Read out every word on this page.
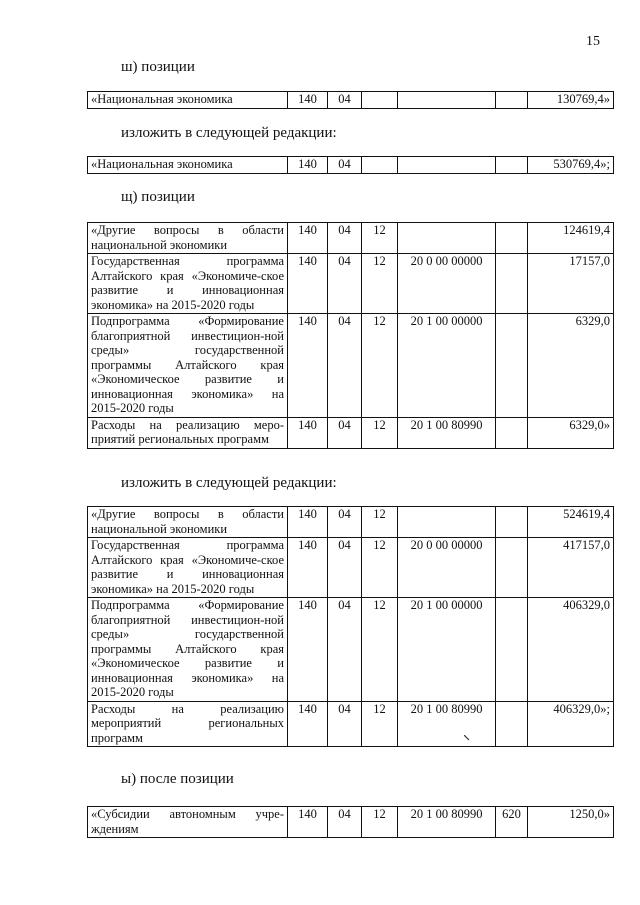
15
ш) позиции
«Национальная экономика	140	04				130769,4»
изложить в следующей редакции:
«Национальная экономика	140	04				530769,4»;
щ) позиции
«Другие вопросы в области национальной экономики	140	04	12			124619,4
Государственная программа Алтайского края «Экономиче-ское развитие и инновационная экономика» на 2015-2020 годы	140	04	12	20 0 00 00000		17157,0
Подпрограмма «Формирование благоприятной инвестицион-ной среды» государственной программы Алтайского края «Экономическое развитие и инновационная экономика» на 2015-2020 годы	140	04	12	20 1 00 00000		6329,0
Расходы на реализацию меро-приятий региональных программ	140	04	12	20 1 00 80990		6329,0»
изложить в следующей редакции:
«Другие вопросы в области национальной экономики	140	04	12			524619,4
Государственная программа Алтайского края «Экономиче-ское развитие и инновационная экономика» на 2015-2020 годы	140	04	12	20 0 00 00000		417157,0
Подпрограмма «Формирование благоприятной инвестицион-ной среды» государственной программы Алтайского края «Экономическое развитие и инновационная экономика» на 2015-2020 годы	140	04	12	20 1 00 00000		406329,0
Расходы на реализацию мероприятий региональных программ	140	04	12	20 1 00 80990		406329,0»;
ы) после позиции
«Субсидии автономным учре-ждениям	140	04	12	20 1 00 80990	620	1250,0»
